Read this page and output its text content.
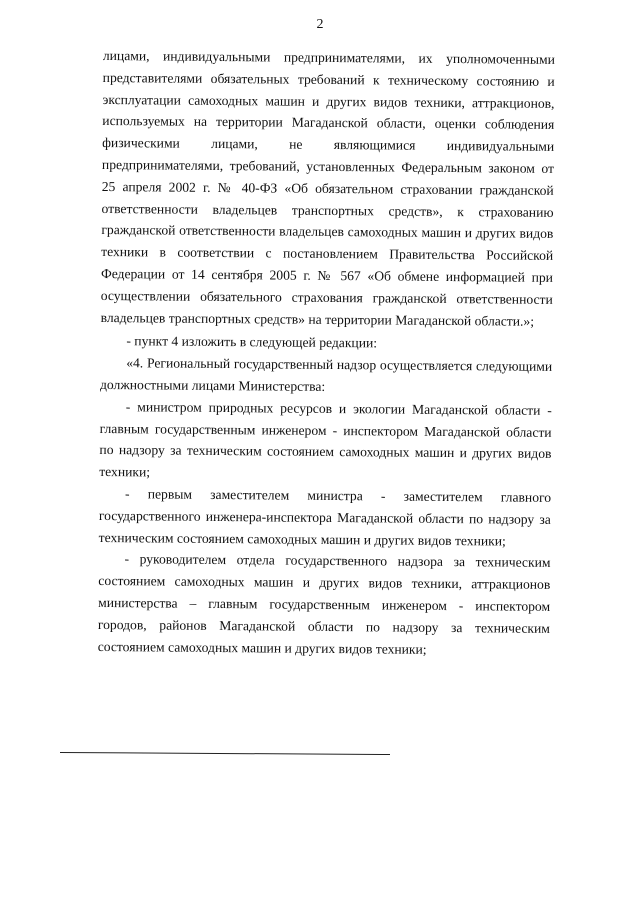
2

лицами, индивидуальными предпринимателями, их уполномоченными представителями обязательных требований к техническому состоянию и эксплуатации самоходных машин и других видов техники, аттракционов, используемых на территории Магаданской области, оценки соблюдения физическими лицами, не являющимися индивидуальными предпринимателями, требований, установленных Федеральным законом от 25 апреля 2002 г. № 40-ФЗ «Об обязательном страховании гражданской ответственности владельцев транспортных средств», к страхованию гражданской ответственности владельцев самоходных машин и других видов техники в соответствии с постановлением Правительства Российской Федерации от 14 сентября 2005 г. № 567 «Об обмене информацией при осуществлении обязательного страхования гражданской ответственности владельцев транспортных средств» на территории Магаданской области.»;

- пункт 4 изложить в следующей редакции:

«4. Региональный государственный надзор осуществляется следующими должностными лицами Министерства:

- министром природных ресурсов и экологии Магаданской области - главным государственным инженером - инспектором Магаданской области по надзору за техническим состоянием самоходных машин и других видов техники;

- первым заместителем министра - заместителем главного государственного инженера-инспектора Магаданской области по надзору за техническим состоянием самоходных машин и других видов техники;

- руководителем отдела государственного надзора за техническим состоянием самоходных машин и других видов техники, аттракционов министерства – главным государственным инженером - инспектором городов, районов Магаданской области по надзору за техническим состоянием самоходных машин и других видов техники;
